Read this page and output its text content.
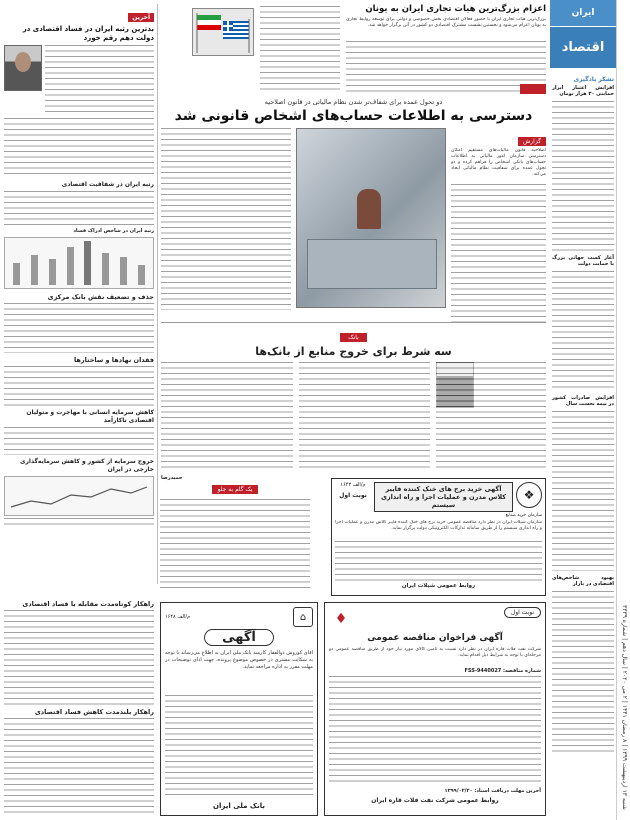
شنبه ۱۳ اردیبهشت ۱۳۹۹ | ۸ رمضان ۱۴۴۱ | ۲ می ۲۰۲۰ | سال دهم | شماره ۳۳۳۹
ایران
اقتصاد
تشکر یادگیری
افزایش اعتبار ابزار حمایتی ۳۰ هزار تومان
آغاز کسب جهانی بزرگ با حمایت دولت
افزایش صادرات کشور در نیمه نخست سال
بهبود شاخص‌های اقتصادی در بازار
اعزام بزرگ‌ترین هیات تجاری ایران به یونان
بزرگ‌ترین هیات تجاری ایران با حضور فعالان اقتصادی بخش خصوصی و دولتی برای توسعه روابط تجاری به یونان اعزام می‌شود و نخستین نشست مشترک اقتصادی دو کشور در آتن برگزار خواهد شد.
آخرین
بدترین رتبه ایران در فساد اقتصادی در دولت دهم رقم خورد
رتبه ایران در شفافیت اقتصادی
رتبه ایران در شاخص ادراک فساد
حذف و تضعیف نقش بانک مرکزی
فقدان نهادها و ساختارها
کاهش سرمایه انسانی با مهاجرت و متولیان اقتصادی ناکارآمد
خروج سرمایه از کشور و کاهش سرمایه‌گذاری خارجی در ایران
دو تحول عمده برای شفاف‌تر شدن نظام مالیاتی در قانون اصلاحیه
دسترسی به اطلاعات حساب‌های اشخاص قانونی شد
گزارش
اصلاحیه قانون مالیات‌های مستقیم امکان دسترسی سازمان امور مالیاتی به اطلاعات حساب‌های بانکی اشخاص را فراهم کرده و دو تحول عمده برای شفافیت نظام مالیاتی ایجاد می‌کند.
بانک
سه شرط برای خروج منابع از بانک‌ها
حمیدرضا
یک گام به جلو	❖
آگهی خرید برج های خنک کننده فایبر کلاس مدرن و عملیات اجرا و راه اندازی سیستم
م/الف ۱۶۴۳
نوبت اول
سازمان خرید صنایع
سازمان شیلات ایران در نظر دارد مناقصه عمومی خرید برج های خنک کننده فایبر کلاس مدرن و عملیات اجرا و راه اندازی سیستم را از طریق سامانه تدارکات الکترونیکی دولت برگزار نماید.
روابط عمومی شیلات ایران
⌂
م/الف ۱۶۴۸
آگهی
آقای کوروش ذوالفقار کارمند بانک ملی ایران به اطلاع می‌رساند با توجه به شکایت مشتری در خصوص موضوع پرونده، جهت ادای توضیحات در مهلت مقرر به اداره مراجعه نماید.
بانک ملی ایران
نوبت اول
♦
آگهی فراخوان مناقصه عمومی
شرکت نفت فلات قاره ایران در نظر دارد نسبت به تامین کالای مورد نیاز خود از طریق مناقصه عمومی دو مرحله‌ای با توجه به شرایط ذیل اقدام نماید.
شماره مناقصه: FSS-9440027
آخرین مهلت دریافت اسناد: ۱۳۹۹/۰۲/۲۰
روابط عمومی شرکت نفت فلات قاره ایران
راهکار کوتاه‌مدت مقابله با فساد اقتصادی
راهکار بلندمدت کاهش فساد اقتصادی
